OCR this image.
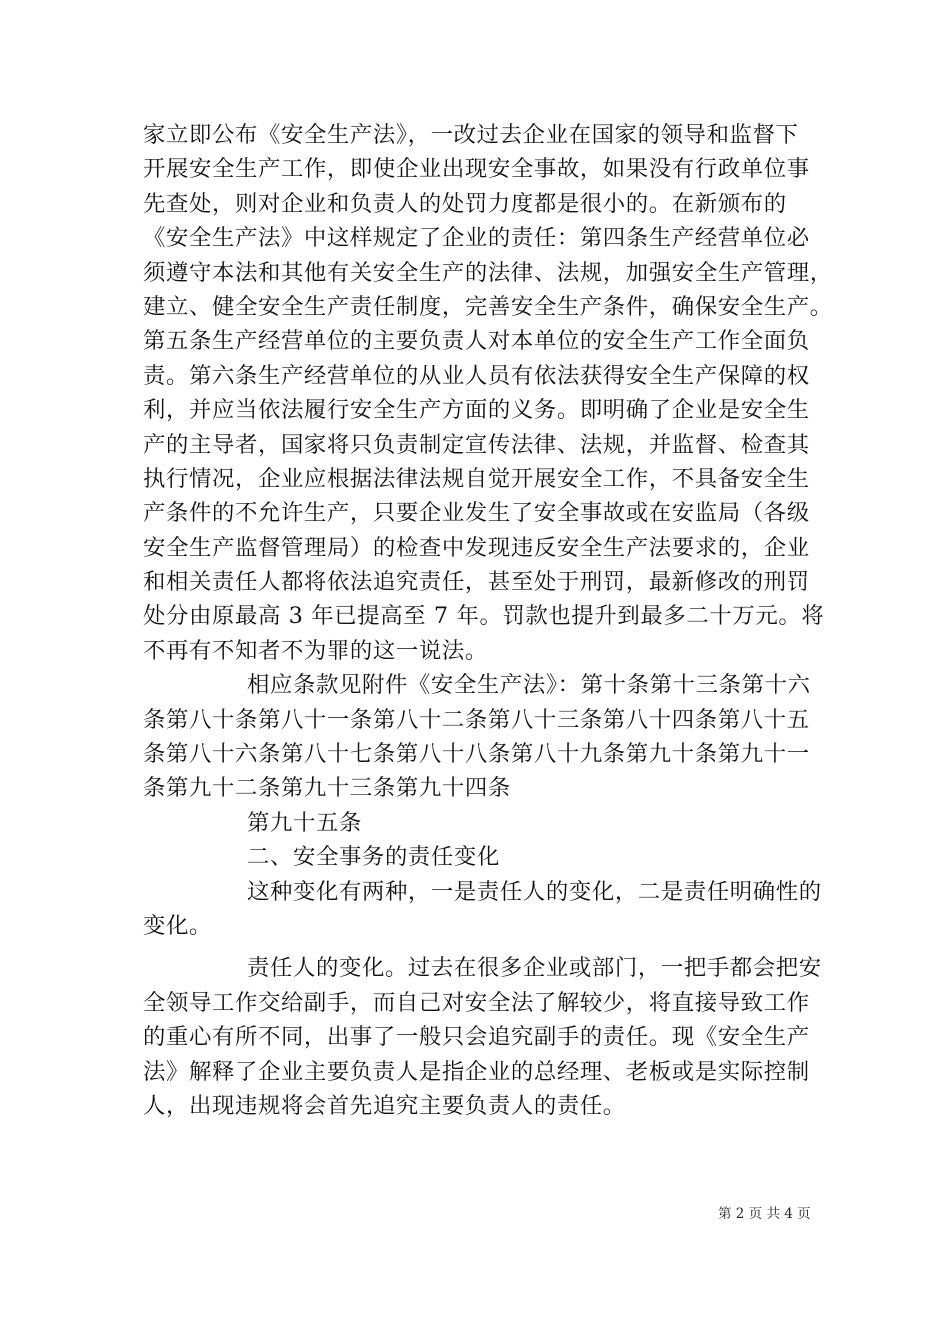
家立即公布《安全生产法》，一改过去企业在国家的领导和监督下
开展安全生产工作，即使企业出现安全事故，如果没有行政单位事
先查处，则对企业和负责人的处罚力度都是很小的。在新颁布的
《安全生产法》中这样规定了企业的责任：第四条生产经营单位必
须遵守本法和其他有关安全生产的法律、法规，加强安全生产管理，
建立、健全安全生产责任制度，完善安全生产条件，确保安全生产。
第五条生产经营单位的主要负责人对本单位的安全生产工作全面负
责。第六条生产经营单位的从业人员有依法获得安全生产保障的权
利，并应当依法履行安全生产方面的义务。即明确了企业是安全生
产的主导者，国家将只负责制定宣传法律、法规，并监督、检查其
执行情况，企业应根据法律法规自觉开展安全工作，不具备安全生
产条件的不允许生产，只要企业发生了安全事故或在安监局（各级
安全生产监督管理局）的检查中发现违反安全生产法要求的，企业
和相关责任人都将依法追究责任，甚至处于刑罚，最新修改的刑罚
处分由原最高 3 年已提高至 7 年。罚款也提升到最多二十万元。将
不再有不知者不为罪的这一说法。
相应条款见附件《安全生产法》：第十条第十三条第十六
条第八十条第八十一条第八十二条第八十三条第八十四条第八十五
条第八十六条第八十七条第八十八条第八十九条第九十条第九十一
条第九十二条第九十三条第九十四条
第九十五条
二、安全事务的责任变化
这种变化有两种，一是责任人的变化，二是责任明确性的
变化。
责任人的变化。过去在很多企业或部门，一把手都会把安
全领导工作交给副手，而自己对安全法了解较少，将直接导致工作
的重心有所不同，出事了一般只会追究副手的责任。现《安全生产
法》解释了企业主要负责人是指企业的总经理、老板或是实际控制
人，出现违规将会首先追究主要负责人的责任。
第 2 页 共 4 页
